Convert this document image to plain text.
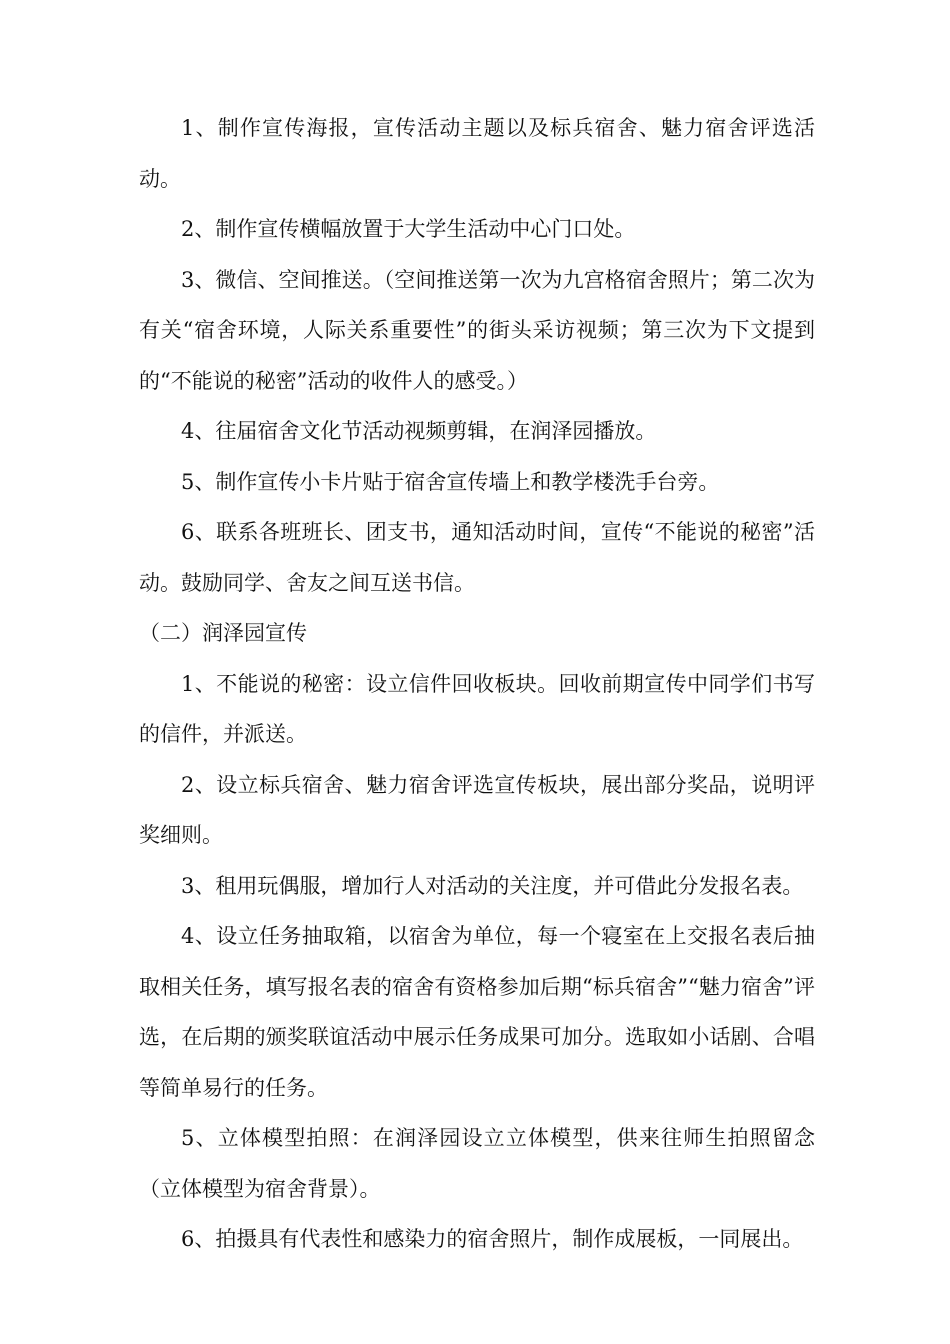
1、制作宣传海报，宣传活动主题以及标兵宿舍、魅力宿舍评选活动。

2、制作宣传横幅放置于大学生活动中心门口处。

3、微信、空间推送。（空间推送第一次为九宫格宿舍照片；第二次为有关“宿舍环境，人际关系重要性”的街头采访视频；第三次为下文提到的“不能说的秘密”活动的收件人的感受。）

4、往届宿舍文化节活动视频剪辑，在润泽园播放。

5、制作宣传小卡片贴于宿舍宣传墙上和教学楼洗手台旁。

6、联系各班班长、团支书，通知活动时间，宣传“不能说的秘密”活动。鼓励同学、舍友之间互送书信。

（二）润泽园宣传

1、不能说的秘密：设立信件回收板块。回收前期宣传中同学们书写的信件，并派送。

2、设立标兵宿舍、魅力宿舍评选宣传板块，展出部分奖品，说明评奖细则。

3、租用玩偶服，增加行人对活动的关注度，并可借此分发报名表。

4、设立任务抽取箱，以宿舍为单位，每一个寝室在上交报名表后抽取相关任务，填写报名表的宿舍有资格参加后期“标兵宿舍”“魅力宿舍”评选，在后期的颁奖联谊活动中展示任务成果可加分。选取如小话剧、合唱等简单易行的任务。

5、立体模型拍照：在润泽园设立立体模型，供来往师生拍照留念（立体模型为宿舍背景）。

6、拍摄具有代表性和感染力的宿舍照片，制作成展板，一同展出。
